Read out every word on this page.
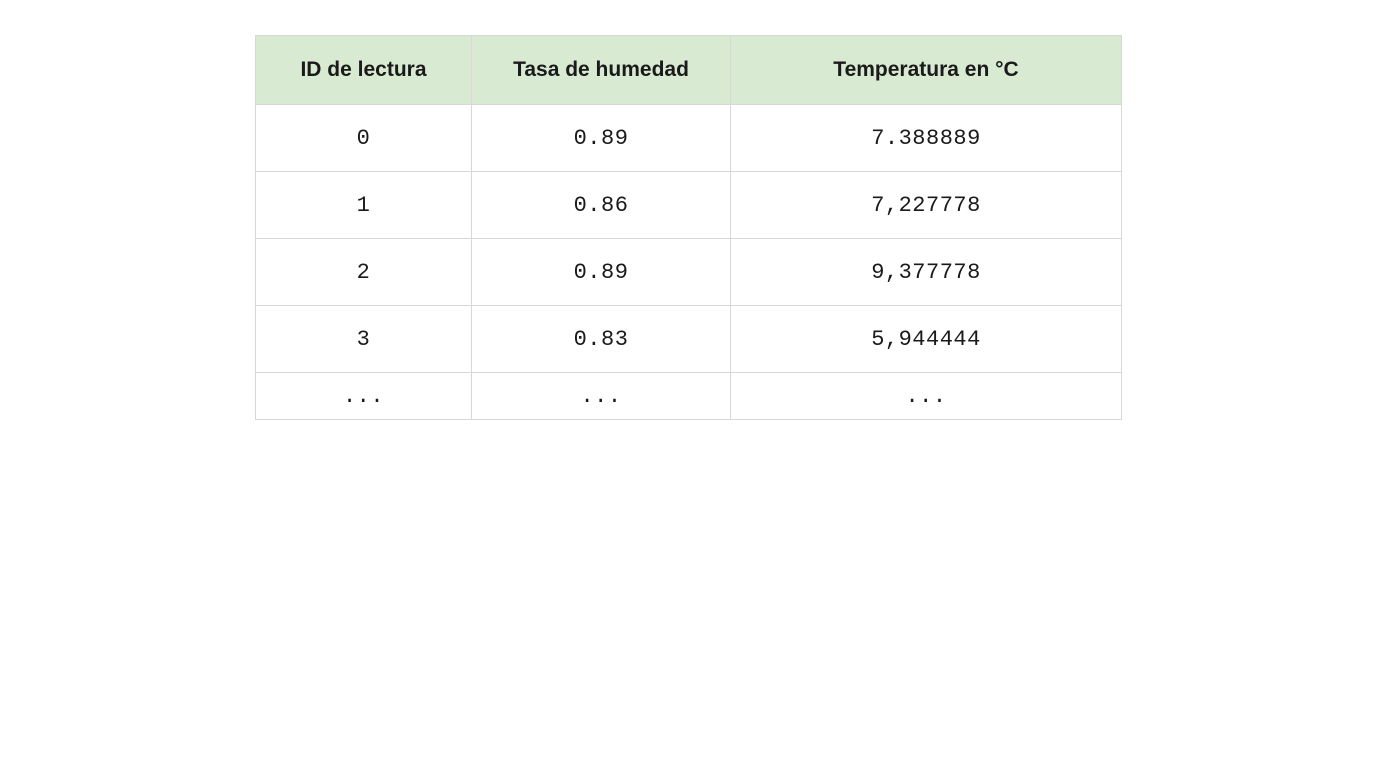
ID de lectura	Tasa de humedad	Temperatura en °C
0	0.89	7.388889
1	0.86	7,227778
2	0.89	9,377778
3	0.83	5,944444
...	...	...
